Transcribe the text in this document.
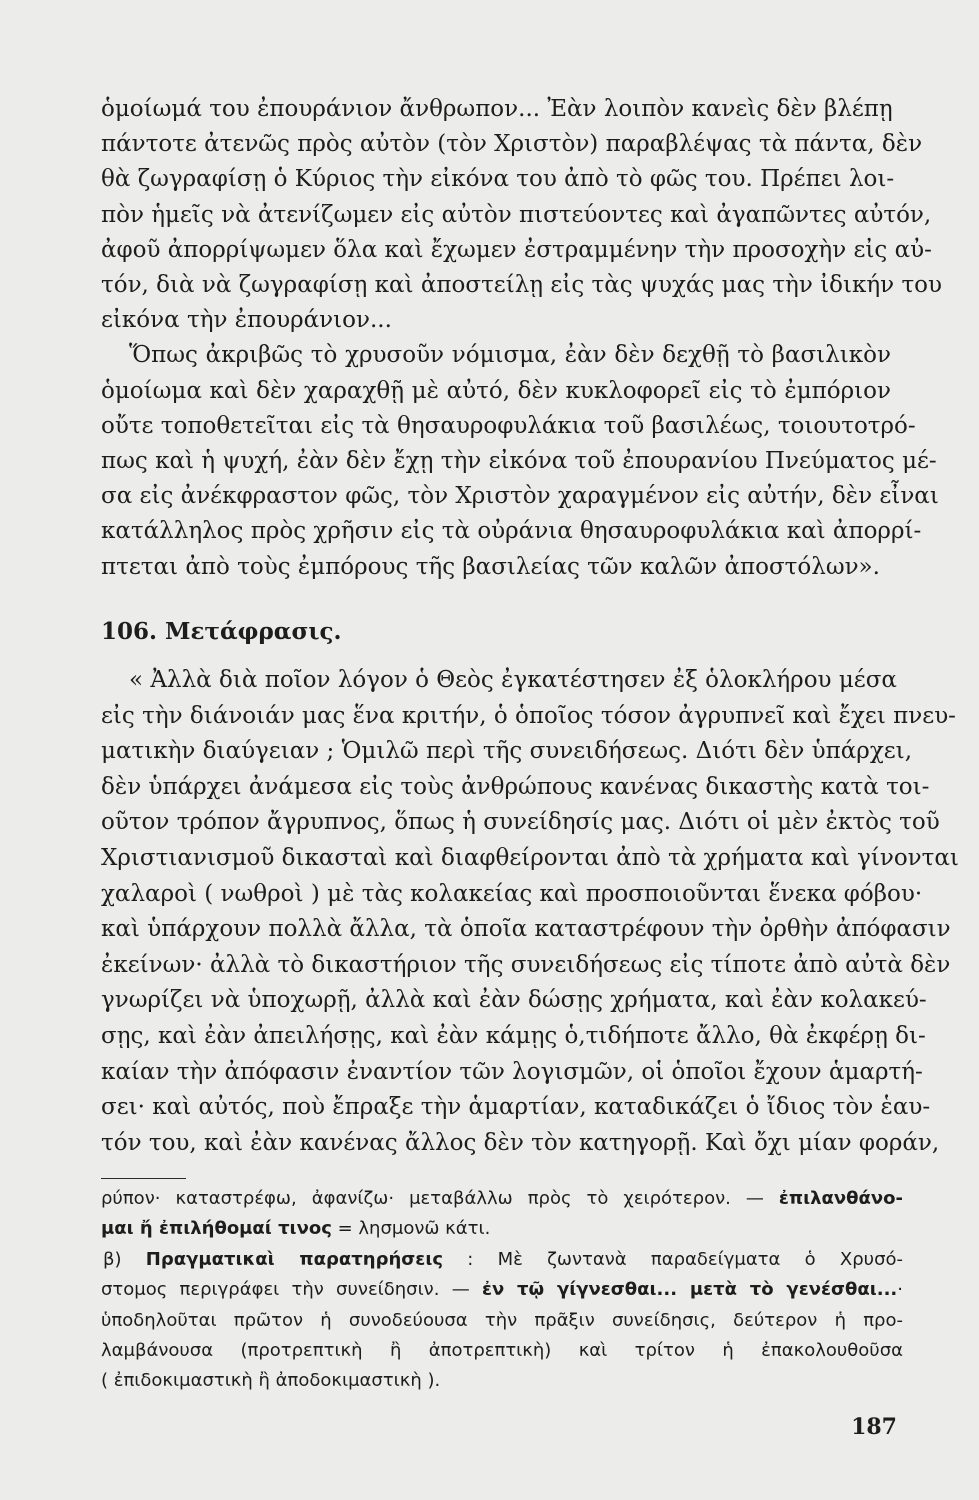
ὁμοίωμά του ἐπουράνιον ἄνθρωπον... Ἐὰν λοιπὸν κανεὶς δὲν βλέπῃ
πάντοτε ἀτενῶς πρὸς αὐτὸν (τὸν Χριστὸν) παραβλέψας τὰ πάντα, δὲν
θὰ ζωγραφίσῃ ὁ Κύριος τὴν εἰκόνα του ἀπὸ τὸ φῶς του. Πρέπει λοι-
πὸν ἡμεῖς νὰ ἀτενίζωμεν εἰς αὐτὸν πιστεύοντες καὶ ἀγαπῶντες αὐτόν,
ἀφοῦ ἀπορρίψωμεν ὅλα καὶ ἔχωμεν ἐστραμμένην τὴν προσοχὴν εἰς αὐ-
τόν, διὰ νὰ ζωγραφίσῃ καὶ ἀποστείλῃ εἰς τὰς ψυχάς μας τὴν ἰδικήν του
εἰκόνα τὴν ἐπουράνιον...
Ὅπως ἀκριβῶς τὸ χρυσοῦν νόμισμα, ἐὰν δὲν δεχθῇ τὸ βασιλικὸν
ὁμοίωμα καὶ δὲν χαραχθῇ μὲ αὐτό, δὲν κυκλοφορεῖ εἰς τὸ ἐμπόριον
οὔτε τοποθετεῖται εἰς τὰ θησαυροφυλάκια τοῦ βασιλέως, τοιουτοτρό-
πως καὶ ἡ ψυχή, ἐὰν δὲν ἔχῃ τὴν εἰκόνα τοῦ ἐπουρανίου Πνεύματος μέ-
σα εἰς ἀνέκφραστον φῶς, τὸν Χριστὸν χαραγμένον εἰς αὐτήν, δὲν εἶναι
κατάλληλος πρὸς χρῆσιν εἰς τὰ οὐράνια θησαυροφυλάκια καὶ ἀπορρί-
πτεται ἀπὸ τοὺς ἐμπόρους τῆς βασιλείας τῶν καλῶν ἀποστόλων».
106. Μετάφρασις.
« Ἀλλὰ διὰ ποῖον λόγον ὁ Θεὸς ἐγκατέστησεν ἐξ ὁλοκλήρου μέσα
εἰς τὴν διάνοιάν μας ἕνα κριτήν, ὁ ὁποῖος τόσον ἀγρυπνεῖ καὶ ἔχει πνευ-
ματικὴν διαύγειαν ; Ὁμιλῶ περὶ τῆς συνειδήσεως. Διότι δὲν ὑπάρχει,
δὲν ὑπάρχει ἀνάμεσα εἰς τοὺς ἀνθρώπους κανένας δικαστὴς κατὰ τοι-
οῦτον τρόπον ἄγρυπνος, ὅπως ἡ συνείδησίς μας. Διότι οἱ μὲν ἐκτὸς τοῦ
Χριστιανισμοῦ δικασταὶ καὶ διαφθείρονται ἀπὸ τὰ χρήματα καὶ γίνονται
χαλαροὶ ( νωθροὶ ) μὲ τὰς κολακείας καὶ προσποιοῦνται ἕνεκα φόβου·
καὶ ὑπάρχουν πολλὰ ἄλλα, τὰ ὁποῖα καταστρέφουν τὴν ὀρθὴν ἀπόφασιν
ἐκείνων· ἀλλὰ τὸ δικαστήριον τῆς συνειδήσεως εἰς τίποτε ἀπὸ αὐτὰ δὲν
γνωρίζει νὰ ὑποχωρῇ, ἀλλὰ καὶ ἐὰν δώσῃς χρήματα, καὶ ἐὰν κολακεύ-
σῃς, καὶ ἐὰν ἀπειλήσῃς, καὶ ἐὰν κάμῃς ὁ,τιδήποτε ἄλλο, θὰ ἐκφέρῃ δι-
καίαν τὴν ἀπόφασιν ἐναντίον τῶν λογισμῶν, οἱ ὁποῖοι ἔχουν ἁμαρτή-
σει· καὶ αὐτός, ποὺ ἔπραξε τὴν ἁμαρτίαν, καταδικάζει ὁ ἴδιος τὸν ἑαυ-
τόν του, καὶ ἐὰν κανένας ἄλλος δὲν τὸν κατηγορῇ. Καὶ ὄχι μίαν φοράν,
ρύπον· καταστρέφω, ἀφανίζω· μεταβάλλω πρὸς τὸ χειρότερον. — ἐπιλανθάνο-
μαι ἤ ἐπιλήθομαί τινος = λησμονῶ κάτι.
β) Πραγματικαὶ παρατηρήσεις : Μὲ ζωντανὰ παραδείγματα ὁ Χρυσό-
στομος περιγράφει τὴν συνείδησιν. — ἐν τῷ γίγνεσθαι... μετὰ τὸ γενέσθαι...·
ὑποδηλοῦται πρῶτον ἡ συνοδεύουσα τὴν πρᾶξιν συνείδησις, δεύτερον ἡ προ-
λαμβάνουσα (προτρεπτικὴ ἢ ἀποτρεπτικὴ) καὶ τρίτον ἡ ἐπακολουθοῦσα
( ἐπιδοκιμαστικὴ ἢ ἀποδοκιμαστικὴ ).
187
